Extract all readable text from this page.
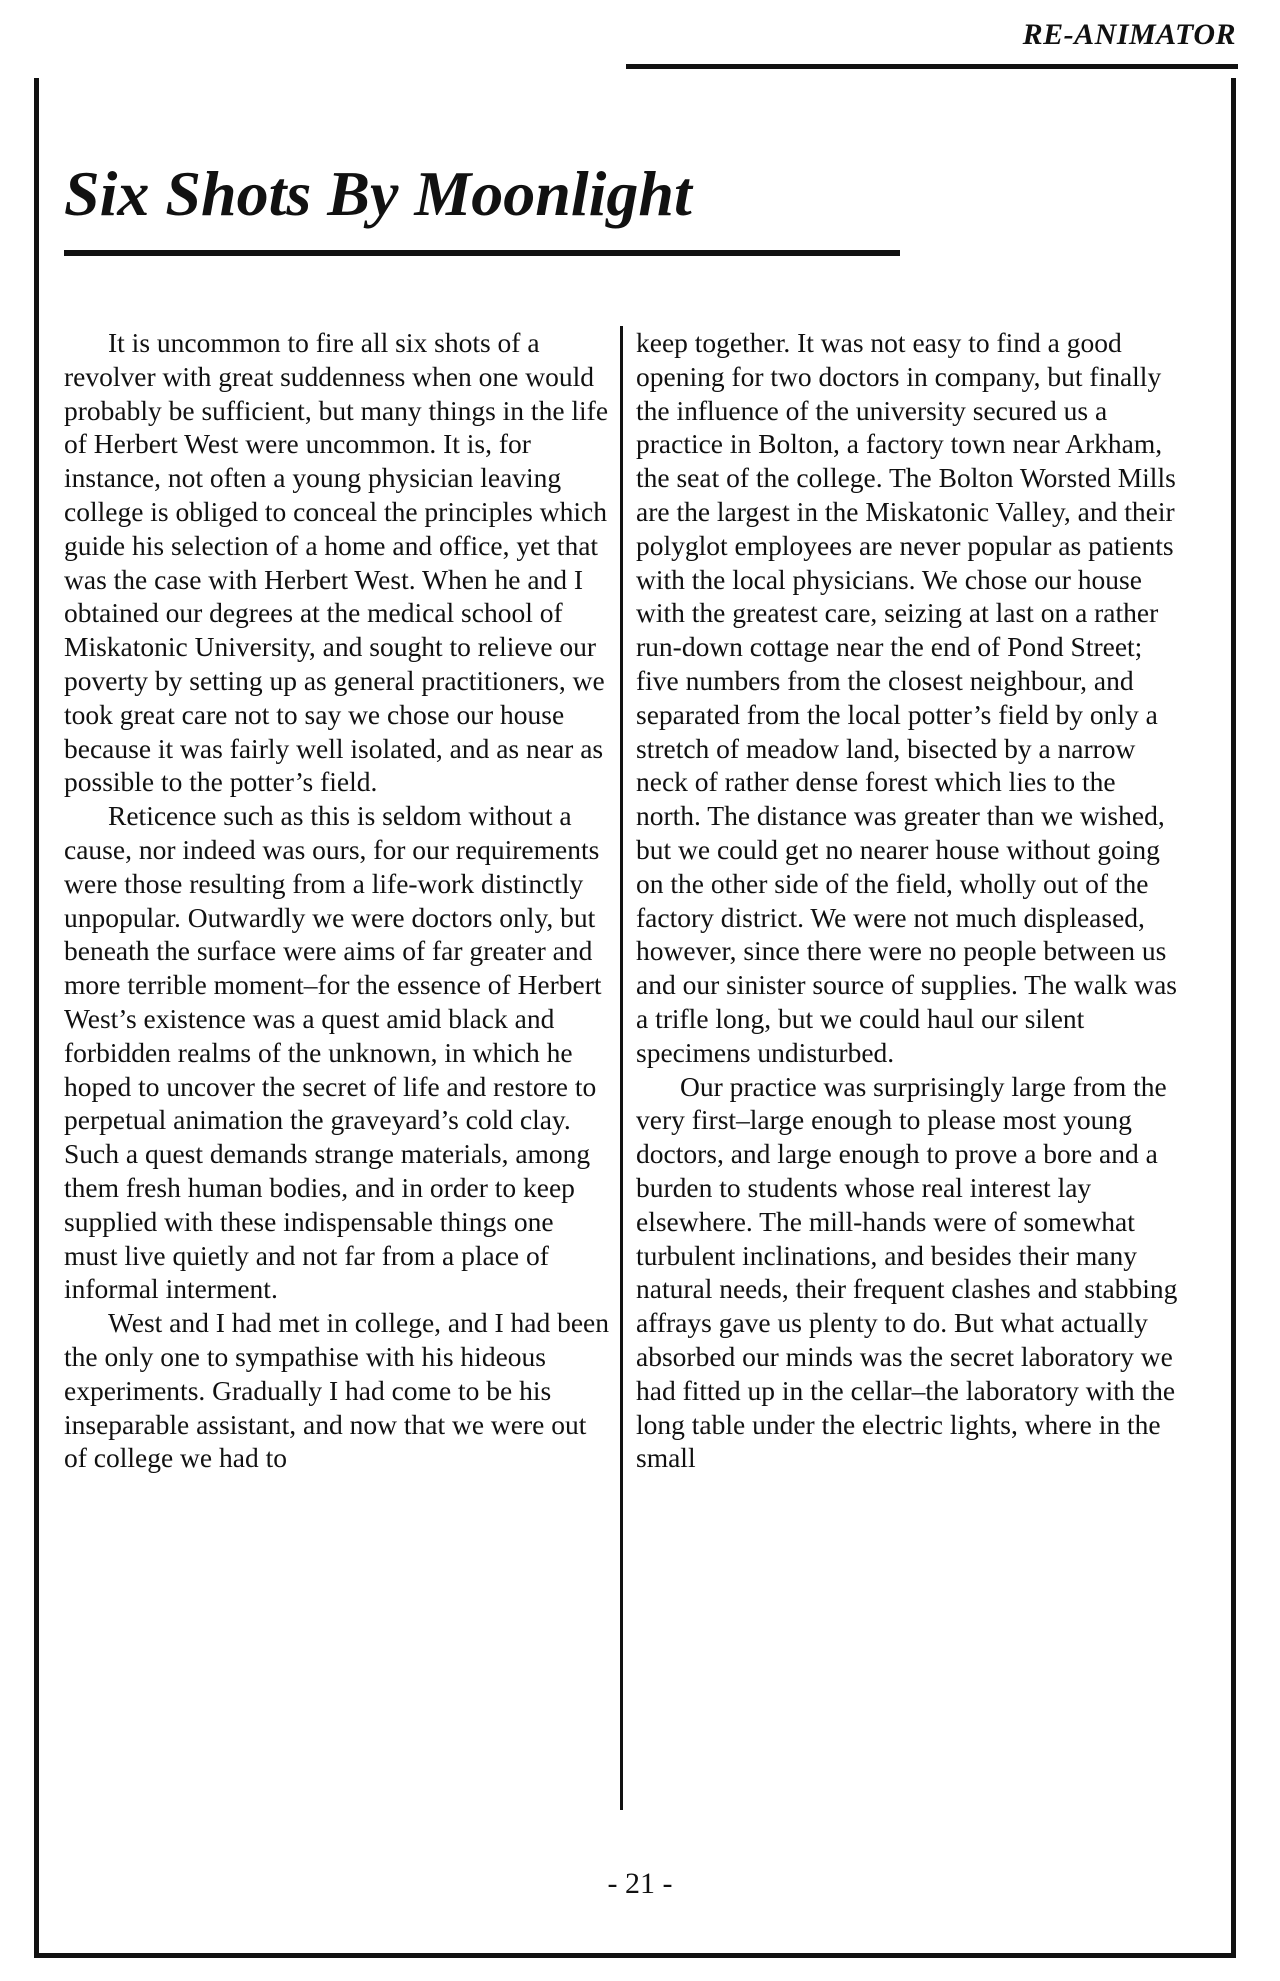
RE-ANIMATOR
Six Shots By Moonlight

It is uncommon to fire all six shots of a revolver with great suddenness when one would probably be sufficient, but many things in the life of Herbert West were uncommon. It is, for instance, not often a young physician leaving college is obliged to conceal the principles which guide his selection of a home and office, yet that was the case with Herbert West. When he and I obtained our degrees at the medical school of Miskatonic University, and sought to relieve our poverty by setting up as general practitioners, we took great care not to say we chose our house because it was fairly well isolated, and as near as possible to the potter’s field.

Reticence such as this is seldom without a cause, nor indeed was ours, for our requirements were those resulting from a life-work distinctly unpopular. Outwardly we were doctors only, but beneath the surface were aims of far greater and more terrible moment–for the essence of Herbert West’s existence was a quest amid black and forbidden realms of the unknown, in which he hoped to uncover the secret of life and restore to perpetual animation the graveyard’s cold clay. Such a quest demands strange materials, among them fresh human bodies, and in order to keep supplied with these indispensable things one must live quietly and not far from a place of informal interment.

West and I had met in college, and I had been the only one to sympathise with his hideous experiments. Gradually I had come to be his inseparable assistant, and now that we were out of college we had to

keep together. It was not easy to find a good opening for two doctors in company, but finally the influence of the university secured us a practice in Bolton, a factory town near Arkham, the seat of the college. The Bolton Worsted Mills are the largest in the Miskatonic Valley, and their polyglot employees are never popular as patients with the local physicians. We chose our house with the greatest care, seizing at last on a rather run-down cottage near the end of Pond Street; five numbers from the closest neighbour, and separated from the local potter’s field by only a stretch of meadow land, bisected by a narrow neck of rather dense forest which lies to the north. The distance was greater than we wished, but we could get no nearer house without going on the other side of the field, wholly out of the factory district. We were not much displeased, however, since there were no people between us and our sinister source of supplies. The walk was a trifle long, but we could haul our silent specimens undisturbed.

Our practice was surprisingly large from the very first–large enough to please most young doctors, and large enough to prove a bore and a burden to students whose real interest lay elsewhere. The mill-hands were of somewhat turbulent inclinations, and besides their many natural needs, their frequent clashes and stabbing affrays gave us plenty to do. But what actually absorbed our minds was the secret laboratory we had fitted up in the cellar–the laboratory with the long table under the electric lights, where in the small

- 21 -
